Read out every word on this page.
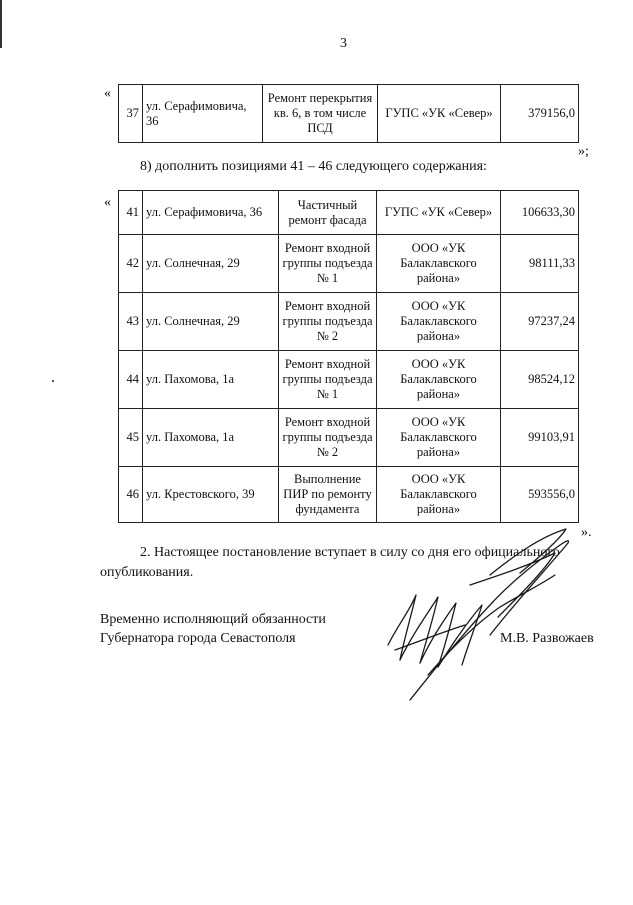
3
«
37	ул. Серафимовича, 36	Ремонт перекрытия кв. 6, в том числе ПСД	ГУПС «УК «Север»	379156,0
»;
8) дополнить позициями 41 – 46 следующего содержания:
«
41	ул. Серафимовича, 36	Частичный ремонт фасада	ГУПС «УК «Север»	106633,30
42	ул. Солнечная, 29	Ремонт входной группы подъезда № 1	ООО «УК Балаклавского района»	98111,33
43	ул. Солнечная, 29	Ремонт входной группы подъезда № 2	ООО «УК Балаклавского района»	97237,24
44	ул. Пахомова, 1а	Ремонт входной группы подъезда № 1	ООО «УК Балаклавского района»	98524,12
45	ул. Пахомова, 1а	Ремонт входной группы подъезда № 2	ООО «УК Балаклавского района»	99103,91
46	ул. Крестовского, 39	Выполнение ПИР по ремонту фундамента	ООО «УК Балаклавского района»	593556,0
».
2. Настоящее постановление вступает в силу со дня его официального
опубликования.
Временно исполняющий обязанности
Губернатора города Севастополя	М.В. Развожаев
